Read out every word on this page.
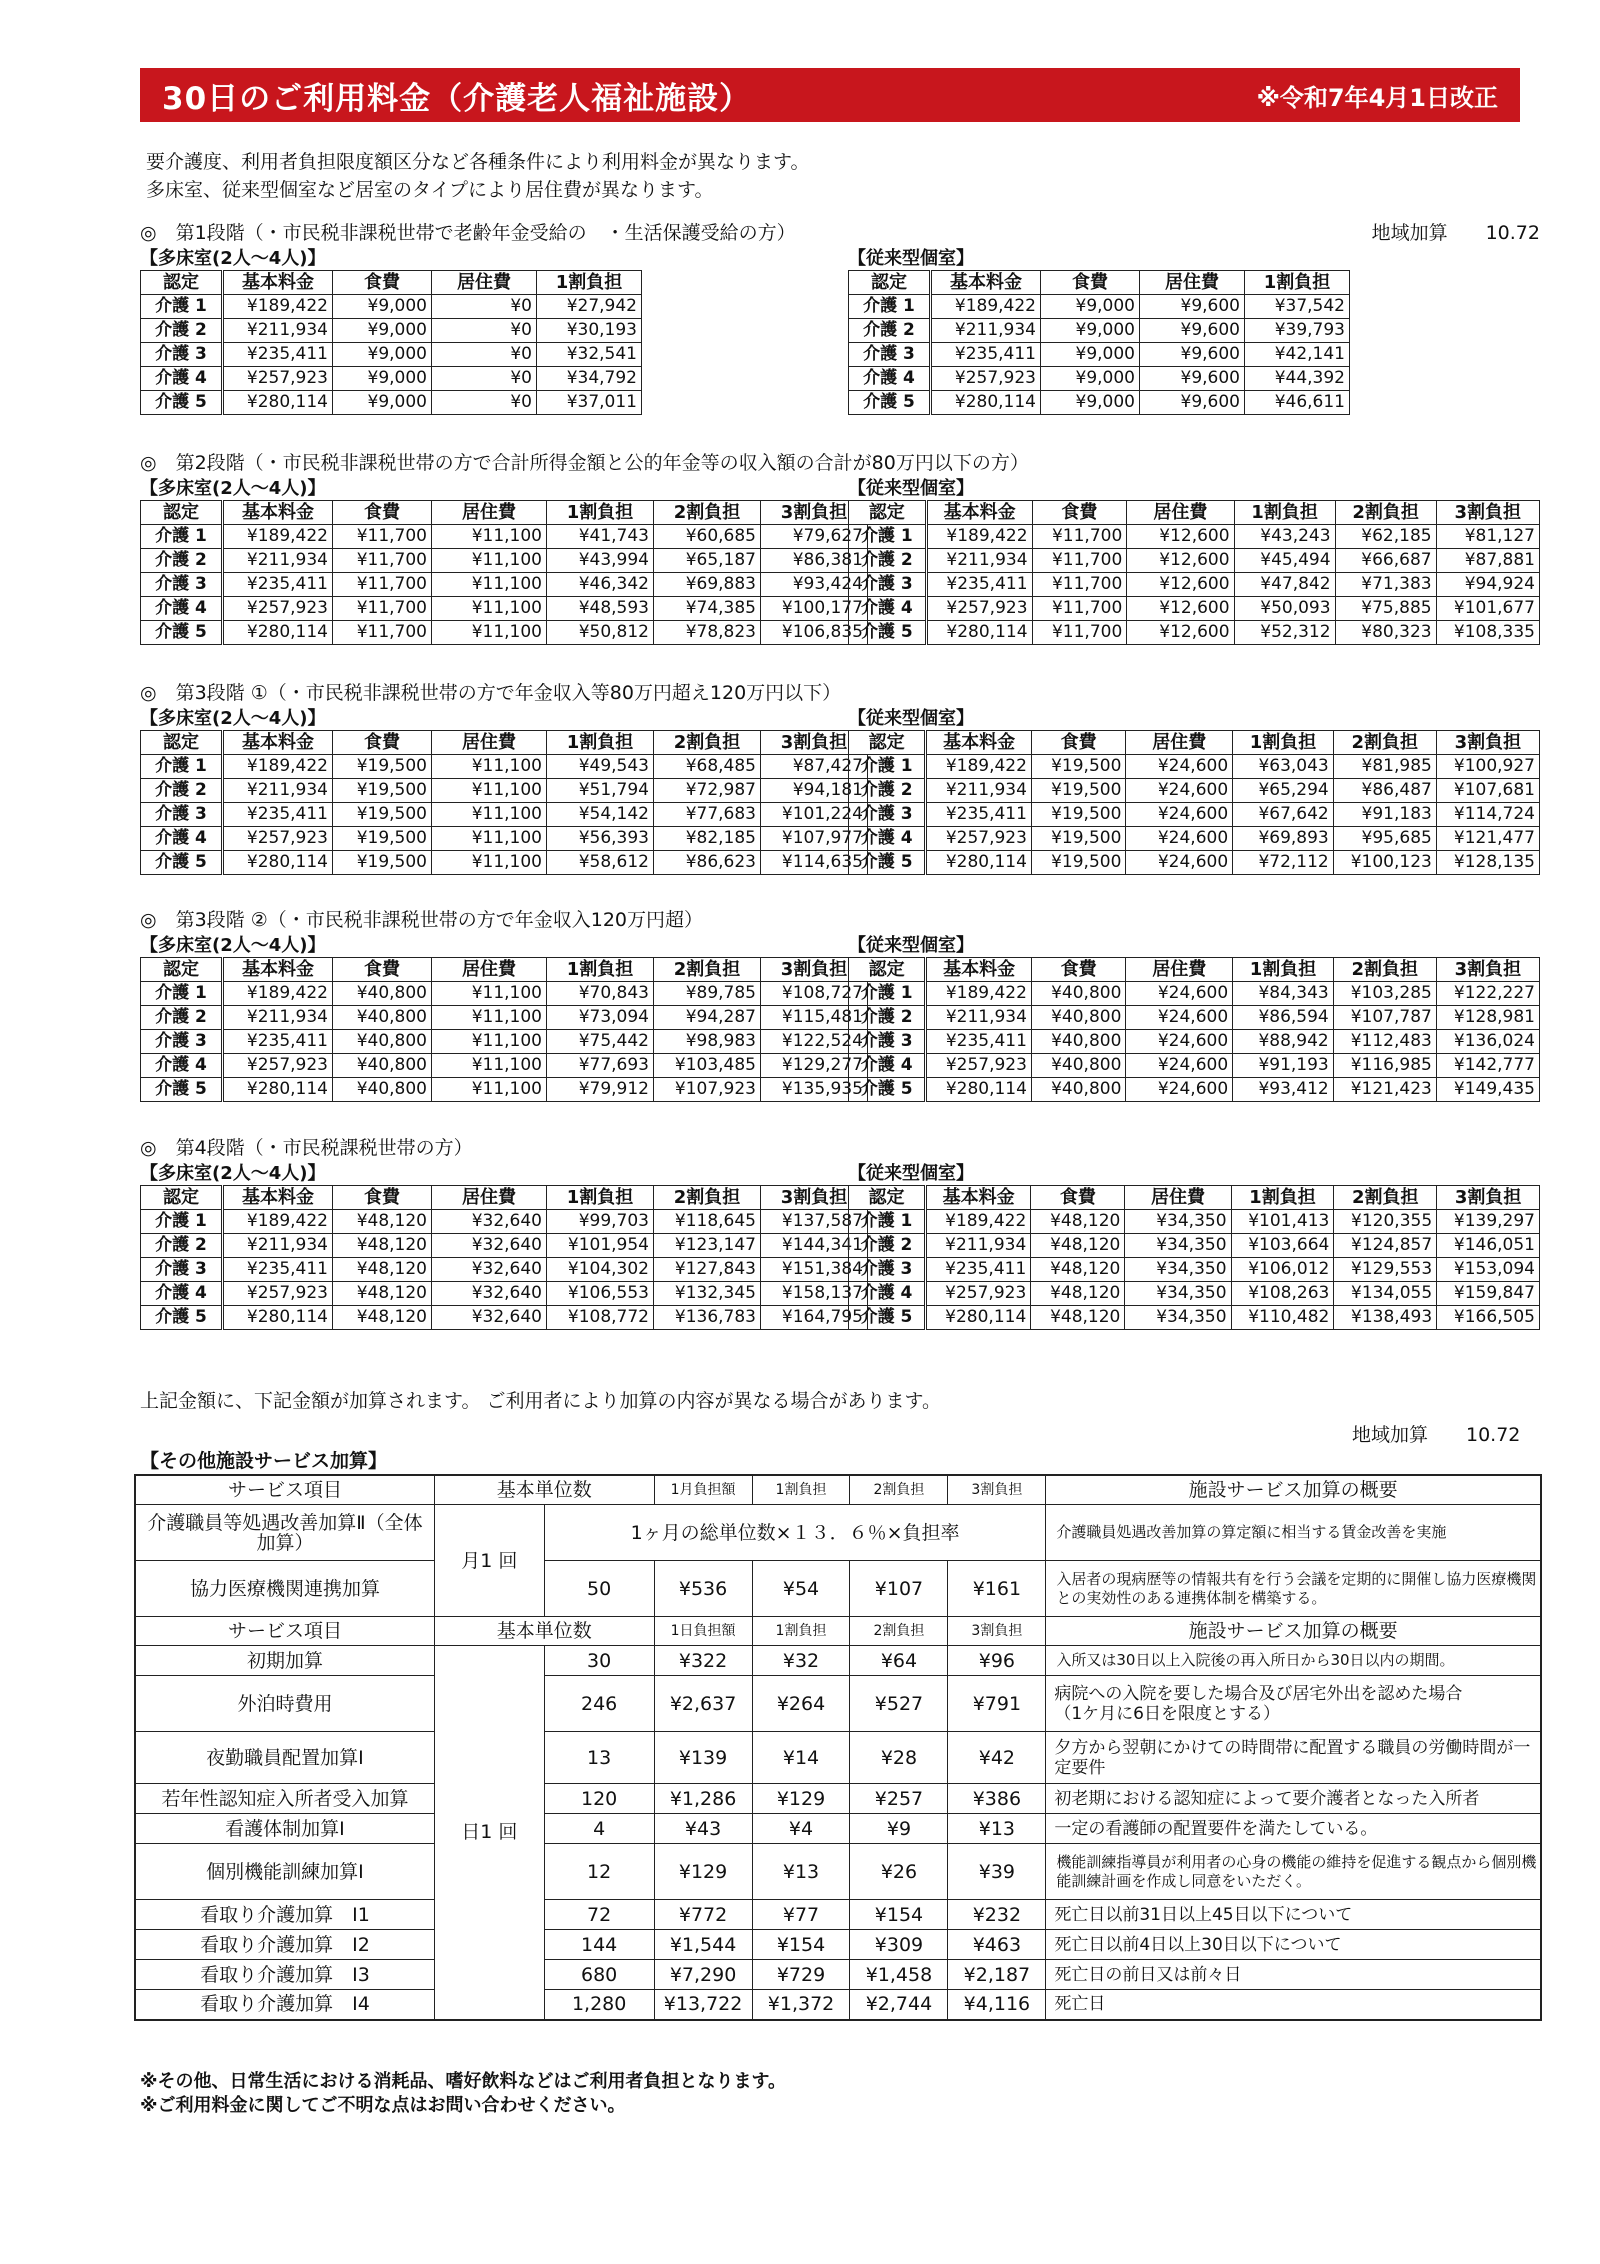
30日のご利用料金（介護老人福祉施設）	※令和7年4月1日改正
要介護度、利用者負担限度額区分など各種条件により利用料金が異なります。
多床室、従来型個室など居室のタイプにより居住費が異なります。
◎　第1段階（・市民税非課税世帯で老齢年金受給の　・生活保護受給の方）	地域加算　　10.72
【多床室(2人～4人)】
認定	基本料金	食費	居住費	1割負担
介護 1	¥189,422	¥9,000	¥0	¥27,942
介護 2	¥211,934	¥9,000	¥0	¥30,193
介護 3	¥235,411	¥9,000	¥0	¥32,541
介護 4	¥257,923	¥9,000	¥0	¥34,792
介護 5	¥280,114	¥9,000	¥0	¥37,011
【従来型個室】
認定	基本料金	食費	居住費	1割負担
介護 1	¥189,422	¥9,000	¥9,600	¥37,542
介護 2	¥211,934	¥9,000	¥9,600	¥39,793
介護 3	¥235,411	¥9,000	¥9,600	¥42,141
介護 4	¥257,923	¥9,000	¥9,600	¥44,392
介護 5	¥280,114	¥9,000	¥9,600	¥46,611
◎　第2段階（・市民税非課税世帯の方で合計所得金額と公的年金等の収入額の合計が80万円以下の方）
【多床室(2人～4人)】
認定	基本料金	食費	居住費	1割負担	2割負担	3割負担
介護 1	¥189,422	¥11,700	¥11,100	¥41,743	¥60,685	¥79,627
介護 2	¥211,934	¥11,700	¥11,100	¥43,994	¥65,187	¥86,381
介護 3	¥235,411	¥11,700	¥11,100	¥46,342	¥69,883	¥93,424
介護 4	¥257,923	¥11,700	¥11,100	¥48,593	¥74,385	¥100,177
介護 5	¥280,114	¥11,700	¥11,100	¥50,812	¥78,823	¥106,835
【従来型個室】
認定	基本料金	食費	居住費	1割負担	2割負担	3割負担
介護 1	¥189,422	¥11,700	¥12,600	¥43,243	¥62,185	¥81,127
介護 2	¥211,934	¥11,700	¥12,600	¥45,494	¥66,687	¥87,881
介護 3	¥235,411	¥11,700	¥12,600	¥47,842	¥71,383	¥94,924
介護 4	¥257,923	¥11,700	¥12,600	¥50,093	¥75,885	¥101,677
介護 5	¥280,114	¥11,700	¥12,600	¥52,312	¥80,323	¥108,335
◎　第3段階 ①（・市民税非課税世帯の方で年金収入等80万円超え120万円以下）
【多床室(2人～4人)】
認定	基本料金	食費	居住費	1割負担	2割負担	3割負担
介護 1	¥189,422	¥19,500	¥11,100	¥49,543	¥68,485	¥87,427
介護 2	¥211,934	¥19,500	¥11,100	¥51,794	¥72,987	¥94,181
介護 3	¥235,411	¥19,500	¥11,100	¥54,142	¥77,683	¥101,224
介護 4	¥257,923	¥19,500	¥11,100	¥56,393	¥82,185	¥107,977
介護 5	¥280,114	¥19,500	¥11,100	¥58,612	¥86,623	¥114,635
【従来型個室】
認定	基本料金	食費	居住費	1割負担	2割負担	3割負担
介護 1	¥189,422	¥19,500	¥24,600	¥63,043	¥81,985	¥100,927
介護 2	¥211,934	¥19,500	¥24,600	¥65,294	¥86,487	¥107,681
介護 3	¥235,411	¥19,500	¥24,600	¥67,642	¥91,183	¥114,724
介護 4	¥257,923	¥19,500	¥24,600	¥69,893	¥95,685	¥121,477
介護 5	¥280,114	¥19,500	¥24,600	¥72,112	¥100,123	¥128,135
◎　第3段階 ②（・市民税非課税世帯の方で年金収入120万円超）
【多床室(2人～4人)】
認定	基本料金	食費	居住費	1割負担	2割負担	3割負担
介護 1	¥189,422	¥40,800	¥11,100	¥70,843	¥89,785	¥108,727
介護 2	¥211,934	¥40,800	¥11,100	¥73,094	¥94,287	¥115,481
介護 3	¥235,411	¥40,800	¥11,100	¥75,442	¥98,983	¥122,524
介護 4	¥257,923	¥40,800	¥11,100	¥77,693	¥103,485	¥129,277
介護 5	¥280,114	¥40,800	¥11,100	¥79,912	¥107,923	¥135,935
【従来型個室】
認定	基本料金	食費	居住費	1割負担	2割負担	3割負担
介護 1	¥189,422	¥40,800	¥24,600	¥84,343	¥103,285	¥122,227
介護 2	¥211,934	¥40,800	¥24,600	¥86,594	¥107,787	¥128,981
介護 3	¥235,411	¥40,800	¥24,600	¥88,942	¥112,483	¥136,024
介護 4	¥257,923	¥40,800	¥24,600	¥91,193	¥116,985	¥142,777
介護 5	¥280,114	¥40,800	¥24,600	¥93,412	¥121,423	¥149,435
◎　第4段階（・市民税課税世帯の方）
【多床室(2人～4人)】
認定	基本料金	食費	居住費	1割負担	2割負担	3割負担
介護 1	¥189,422	¥48,120	¥32,640	¥99,703	¥118,645	¥137,587
介護 2	¥211,934	¥48,120	¥32,640	¥101,954	¥123,147	¥144,341
介護 3	¥235,411	¥48,120	¥32,640	¥104,302	¥127,843	¥151,384
介護 4	¥257,923	¥48,120	¥32,640	¥106,553	¥132,345	¥158,137
介護 5	¥280,114	¥48,120	¥32,640	¥108,772	¥136,783	¥164,795
【従来型個室】
認定	基本料金	食費	居住費	1割負担	2割負担	3割負担
介護 1	¥189,422	¥48,120	¥34,350	¥101,413	¥120,355	¥139,297
介護 2	¥211,934	¥48,120	¥34,350	¥103,664	¥124,857	¥146,051
介護 3	¥235,411	¥48,120	¥34,350	¥106,012	¥129,553	¥153,094
介護 4	¥257,923	¥48,120	¥34,350	¥108,263	¥134,055	¥159,847
介護 5	¥280,114	¥48,120	¥34,350	¥110,482	¥138,493	¥166,505
上記金額に、下記金額が加算されます。 ご利用者により加算の内容が異なる場合があります。
地域加算　　10.72
【その他施設サービス加算】
サービス項目	基本単位数		1月負担額	1割負担	2割負担	3割負担	施設サービス加算の概要
介護職員等処遇改善加算Ⅱ（全体加算）	月1 回	1ヶ月の総単位数×１３．６％×負担率					介護職員処遇改善加算の算定額に相当する賃金改善を実施
協力医療機関連携加算		50	¥536	¥54	¥107	¥161	入居者の現病歴等の情報共有を行う会議を定期的に開催し協力医療機関との実効性のある連携体制を構築する。
サービス項目	基本単位数		1日負担額	1割負担	2割負担	3割負担	施設サービス加算の概要
初期加算	日1 回	30	¥322	¥32	¥64	¥96	入所又は30日以上入院後の再入所日から30日以内の期間。
外泊時費用		246	¥2,637	¥264	¥527	¥791	病院への入院を要した場合及び居宅外出を認めた場合　　　　（1ケ月に6日を限度とする）
夜勤職員配置加算Ⅰ		13	¥139	¥14	¥28	¥42	夕方から翌朝にかけての時間帯に配置する職員の労働時間が一定要件
若年性認知症入所者受入加算		120	¥1,286	¥129	¥257	¥386	初老期における認知症によって要介護者となった入所者
看護体制加算Ⅰ		4	¥43	¥4	¥9	¥13	一定の看護師の配置要件を満たしている。
個別機能訓練加算Ⅰ		12	¥129	¥13	¥26	¥39	機能訓練指導員が利用者の心身の機能の維持を促進する観点から個別機能訓練計画を作成し同意をいただく。
看取り介護加算　Ⅰ1		72	¥772	¥77	¥154	¥232	死亡日以前31日以上45日以下について
看取り介護加算　Ⅰ2		144	¥1,544	¥154	¥309	¥463	死亡日以前4日以上30日以下について
看取り介護加算　Ⅰ3		680	¥7,290	¥729	¥1,458	¥2,187	死亡日の前日又は前々日
看取り介護加算　Ⅰ4		1,280	¥13,722	¥1,372	¥2,744	¥4,116	死亡日
※その他、日常生活における消耗品、嗜好飲料などはご利用者負担となります。
※ご利用料金に関してご不明な点はお問い合わせください。
